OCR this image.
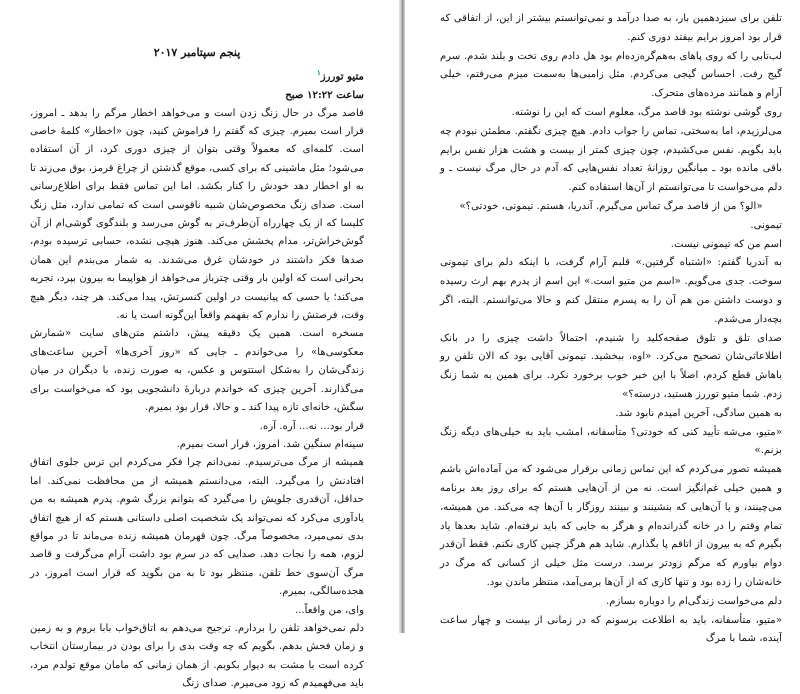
تلفن برای سیزدهمین بار، به صدا درآمد و نمی‌توانستم بیشتر از این، از اتفاقی که قرار بود امروز برایم بیفتد دوری کنم.

لب‌تابی را که روی پاهای به‌هم‌گره‌زده‌ام بود هل دادم روی تخت و بلند شدم. سرم گیج رفت. احساس گیجی می‌کردم. مثل زامبی‌ها به‌سمت میزم می‌رفتم، خیلی آرام و همانند مرده‌های متحرک.

روی گوشی نوشته بود قاصد مرگ، معلوم است که این را نوشته.

می‌لرزیدم، اما به‌سختی، تماس را جواب دادم. هیچ چیزی نگفتم. مطمئن نبودم چه باید بگویم. نفس می‌کشیدم، چون چیزی کمتر از بیست و هشت هزار نفس برایم باقی مانده بود ـ میانگین روزانهٔ تعداد نفس‌هایی که آدم در حال مرگ نیست ـ و دلم می‌خواست تا می‌توانستم از آن‌ها استفاده کنم.

«الو؟ من از قاصد مرگ تماس می‌گیرم. آندریا، هستم. تیمونی، خودتی؟»

تیمونی.

اسم من که تیمونی نیست.

به آندریا گفتم: «اشتباه گرفتین.» قلبم آرام گرفت، با اینکه دلم برای تیمونی سوخت. جدی می‌گویم. «اسم من متیو است.» این اسم از پدرم بهم ارث رسیده و دوست داشتن من هم آن را به پسرم منتقل کنم و حالا می‌توانستم. البته، اگر بچه‌دار می‌شدم.

صدای تلق و تلوق صفحه‌کلید را شنیدم، احتمالاً داشت چیزی را در بانک اطلاعاتی‌شان تصحیح می‌کرد. «اوه، ببخشید. تیمونی آقایی بود که الان تلفن رو باهاش قطع کردم، اصلاً با این خبر خوب برخورد نکرد. برای همین به شما زنگ زدم. شما متیو توررز هستید، درسته؟»

به همین سادگی، آخرین امیدم نابود شد.

«متیو، می‌شه تأیید کنی که خودتی؟ متأسفانه، امشب باید به خیلی‌های دیگه زنگ بزنم.»

همیشه تصور می‌کردم که این تماس زمانی برقرار می‌شود که من آماده‌اش باشم و همین خیلی غم‌انگیز است. نه من از آن‌هایی هستم که برای روز بعد برنامه می‌چینند، و یا آن‌هایی که بنشینند و ببینند روزگار با آن‌ها چه می‌کند. من همیشه، تمام وقتم را در خانه گذرانده‌ام و هرگز به جایی که باید نرفته‌ام. شاید بعدها یاد بگیرم که به بیرون از اتاقم پا بگذارم. شاید هم هرگز چنین کاری نکنم. فقط آن‌قدر دوام بیاورم که مرگم زودتر برسد. درست مثل خیلی از کسانی که مرگ در خانه‌شان را زده بود و تنها کاری که از آن‌ها برمی‌آمد، منتظر ماندن بود.

دلم می‌خواست زندگی‌ام را دوباره بسازم.

«متیو، متأسفانه، باید به اطلاعت برسونم که در زمانی از بیست و چهار ساعت آینده، شما با مرگ

پنجم سپتامبر ۲۰۱۷

متیو توررز$^۱$

ساعت ۱۲:۲۲ صبح

قاصد مرگ در حال زنگ زدن است و می‌خواهد اخطار مرگم را بدهد ـ امروز، قرار است بمیرم. چیزی که گفتم را فراموش کنید، چون «اخطار» کلمهٔ خاصی است. کلمه‌ای که معمولاً وقتی بتوان از چیزی دوری کرد، از آن استفاده می‌شود؛ مثل ماشینی که برای کسی، موقع گذشتن از چراغ قرمز، بوق می‌زند تا به او اخطار دهد خودش را کنار بکشد. اما این تماس فقط برای اطلاع‌رسانی است. صدای زنگ مخصوص‌شان شبیه ناقوسی است که تمامی ندارد، مثل زنگ کلیسا که از یک چهارراه آن‌طرف‌تر به گوش می‌رسد و بلندگوی گوشی‌ام از آن گوش‌خراش‌تر، مدام پخشش می‌کند. هنوز هیچی نشده، حسابی ترسیده بودم، صدها فکر داشتند در خودشان غرق می‌شدند. به شمار می‌بندم این همان بحرانی است که اولین بار وقتی چترباز می‌خواهد از هواپیما به بیرون بپرد، تجربه می‌کند؛ یا حسی که پیانیست در اولین کنسرتش، پیدا می‌کند. هر چند، دیگر هیچ وقت، فرصتش را ندارم که بفهمم واقعاً این‌گونه است یا نه.

مسخره است. همین یک دقیقه پیش، داشتم متن‌های سایت «شمارش معکوسی‌ها» را می‌خواندم ـ جایی که «روز آخری‌ها» آخرین ساعت‌های زندگی‌شان را به‌شکل استتوس و عکس، به صورت زنده، با دیگران در میان می‌گذارند. آخرین چیزی که خواندم دربارهٔ دانشجویی بود که می‌خواست برای سگش، خانه‌ای تازه پیدا کند ـ و حالا، قرار بود بمیرم.

قرار بود... نه... آره. آره.

سینه‌ام سنگین شد. امروز، قرار است بمیرم.

همیشه از مرگ می‌ترسیدم. نمی‌دانم چرا فکر می‌کردم این ترس جلوی اتفاق افتادنش را می‌گیرد. البته، می‌دانستم همیشه از من محافظت نمی‌کند. اما حداقل، آن‌قدری جلویش را می‌گیرد که بتوانم بزرگ شوم. پدرم همیشه به من یادآوری می‌کرد که نمی‌تواند یک شخصیت اصلی داستانی هستم که از هیچ اتفاق بدی نمی‌میرد، مخصوصاً مرگ. چون قهرمان همیشه زنده می‌ماند تا در مواقع لزوم، همه را نجات دهد. صدایی که در سرم بود داشت آرام می‌گرفت و قاصد مرگ آن‌سوی خط تلفن، منتظر بود تا به من بگوید که قرار است امروز، در هجده‌سالگی، بمیرم.

وای، من واقعاً...

دلم نمی‌خواهد تلفن را بردارم. ترجیح می‌دهم به اتاق‌خواب بابا بروم و به زمین و زمان فحش بدهم. بگویم که چه وقت بدی را برای بودن در بیمارستان انتخاب کرده است با مشت به دیوار بکوبم. از همان زمانی که مامان موقع تولدم مرد، باید می‌فهمیدم که زود می‌میرم. صدای زنگ
